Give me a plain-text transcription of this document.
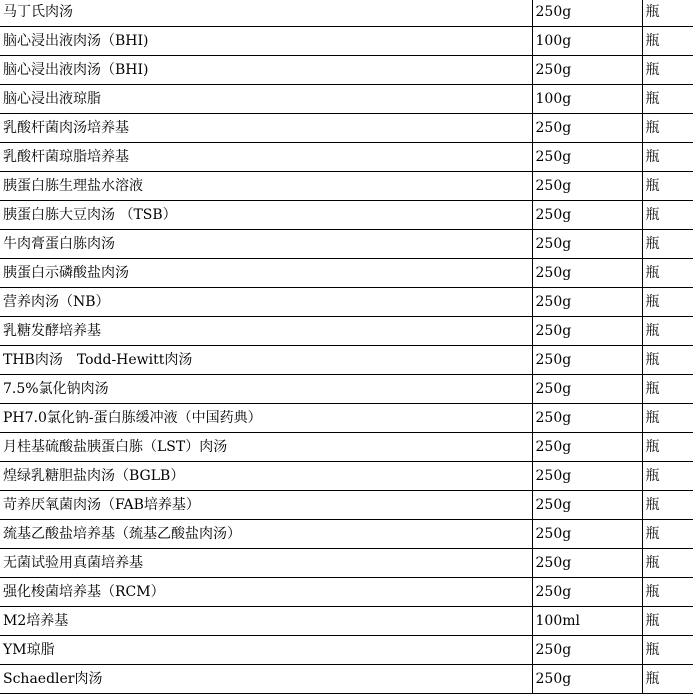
马丁氏肉汤	250g	瓶
脑心浸出液肉汤（BHI)	100g	瓶
脑心浸出液肉汤（BHI)	250g	瓶
脑心浸出液琼脂	100g	瓶
乳酸杆菌肉汤培养基	250g	瓶
乳酸杆菌琼脂培养基	250g	瓶
胰蛋白胨生理盐水溶液	250g	瓶
胰蛋白胨大豆肉汤 （TSB）	250g	瓶
牛肉膏蛋白胨肉汤	250g	瓶
胰蛋白示磷酸盐肉汤	250g	瓶
营养肉汤（NB）	250g	瓶
乳糖发酵培养基	250g	瓶
THB肉汤　Todd-Hewitt肉汤	250g	瓶
7.5%氯化钠肉汤	250g	瓶
PH7.0氯化钠-蛋白胨缓冲液（中国药典）	250g	瓶
月桂基硫酸盐胰蛋白胨（LST）肉汤	250g	瓶
煌绿乳糖胆盐肉汤（BGLB）	250g	瓶
苛养厌氧菌肉汤（FAB培养基）	250g	瓶
巯基乙酸盐培养基（巯基乙酸盐肉汤）	250g	瓶
无菌试验用真菌培养基	250g	瓶
强化梭菌培养基（RCM）	250g	瓶
M2培养基	100ml	瓶
YM琼脂	250g	瓶
Schaedler肉汤	250g	瓶
